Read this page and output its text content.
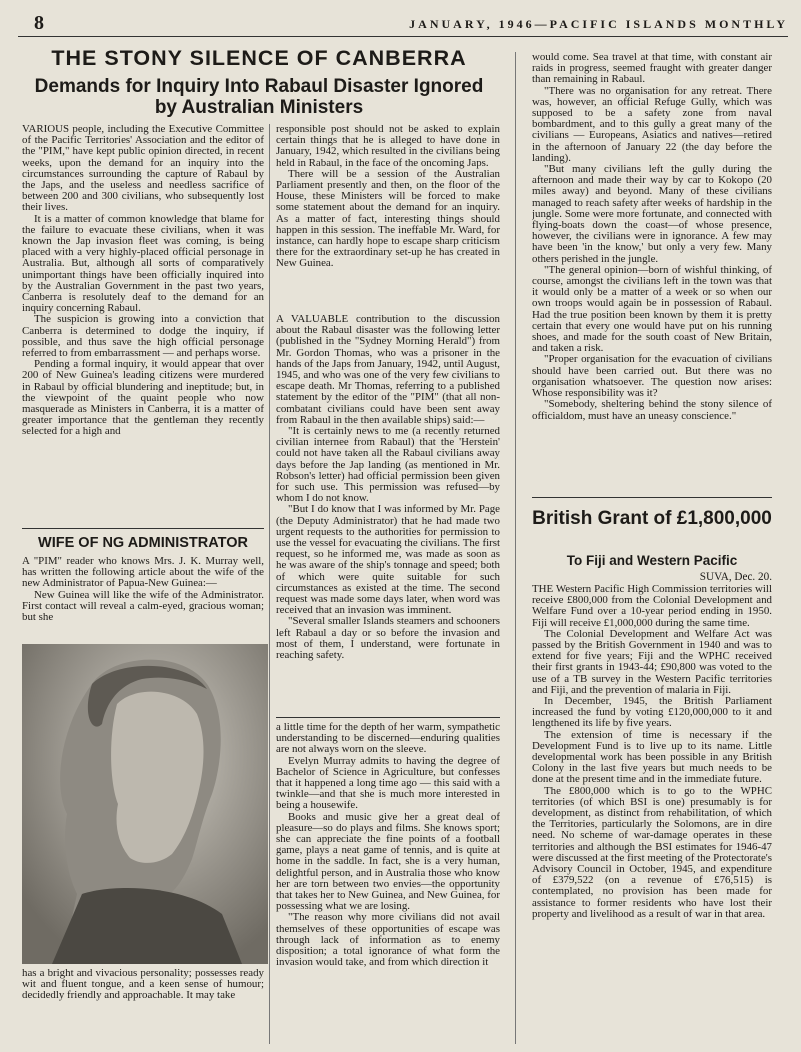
8	JANUARY, 1946—PACIFIC ISLANDS MONTHLY
THE STONY SILENCE OF CANBERRA
Demands for Inquiry Into Rabaul Disaster Ignored by Australian Ministers

VARIOUS people, including the Executive Committee of the Pacific Territories' Association and the editor of the "PIM," have kept public opinion directed, in recent weeks, upon the demand for an inquiry into the circumstances surrounding the capture of Rabaul by the Japs, and the useless and needless sacrifice of between 200 and 300 civilians, who subsequently lost their lives.

It is a matter of common knowledge that blame for the failure to evacuate these civilians, when it was known the Jap invasion fleet was coming, is being placed with a very highly-placed official personage in Australia. But, although all sorts of comparatively unimportant things have been officially inquired into by the Australian Government in the past two years, Canberra is resolutely deaf to the demand for an inquiry concerning Rabaul.

The suspicion is growing into a conviction that Canberra is determined to dodge the inquiry, if possible, and thus save the high official personage referred to from embarrassment — and perhaps worse.

Pending a formal inquiry, it would appear that over 200 of New Guinea's leading citizens were murdered in Rabaul by official blundering and ineptitude; but, in the viewpoint of the quaint people who now masquerade as Ministers in Canberra, it is a matter of greater importance that the gentleman they recently selected for a high and

WIFE OF NG ADMINISTRATOR

A "PIM" reader who knows Mrs. J. K. Murray well, has written the following article about the wife of the new Administrator of Papua-New Guinea:—

New Guinea will like the wife of the Administrator. First contact will reveal a calm-eyed, gracious woman; but she

has a bright and vivacious personality; possesses ready wit and fluent tongue, and a keen sense of humour; decidedly friendly and approachable. It may take

responsible post should not be asked to explain certain things that he is alleged to have done in January, 1942, which resulted in the civilians being held in Rabaul, in the face of the oncoming Japs.

There will be a session of the Australian Parliament presently and then, on the floor of the House, these Ministers will be forced to make some statement about the demand for an inquiry. As a matter of fact, interesting things should happen in this session. The ineffable Mr. Ward, for instance, can hardly hope to escape sharp criticism there for the extraordinary set-up he has created in New Guinea.

A VALUABLE contribution to the discussion about the Rabaul disaster was the following letter (published in the "Sydney Morning Herald") from Mr. Gordon Thomas, who was a prisoner in the hands of the Japs from January, 1942, until August, 1945, and who was one of the very few civilians to escape death. Mr Thomas, referring to a published statement by the editor of the "PIM" (that all non-combatant civilians could have been sent away from Rabaul in the then available ships) said:—

"It is certainly news to me (a recently returned civilian internee from Rabaul) that the 'Herstein' could not have taken all the Rabaul civilians away days before the Jap landing (as mentioned in Mr. Robson's letter) had official permission been given for such use. This permission was refused—by whom I do not know.

"But I do know that I was informed by Mr. Page (the Deputy Administrator) that he had made two urgent requests to the authorities for permission to use the vessel for evacuating the civilians. The first request, so he informed me, was made as soon as he was aware of the ship's tonnage and speed; both of which were quite suitable for such circumstances as existed at the time. The second request was made some days later, when word was received that an invasion was imminent.

"Several smaller Islands steamers and schooners left Rabaul a day or so before the invasion and most of them, I understand, were fortunate in reaching safety.

a little time for the depth of her warm, sympathetic understanding to be discerned—enduring qualities are not always worn on the sleeve.

Evelyn Murray admits to having the degree of Bachelor of Science in Agriculture, but confesses that it happened a long time ago — this said with a twinkle—and that she is much more interested in being a housewife.

Books and music give her a great deal of pleasure—so do plays and films. She knows sport; she can appreciate the fine points of a football game, plays a neat game of tennis, and is quite at home in the saddle. In fact, she is a very human, delightful person, and in Australia those who know her are torn between two envies—the opportunity that takes her to New Guinea, and New Guinea, for possessing what we are losing.

"The reason why more civilians did not avail themselves of these opportunities of escape was through lack of information as to enemy disposition; a total ignorance of what form the invasion would take, and from which direction it

would come. Sea travel at that time, with constant air raids in progress, seemed fraught with greater danger than remaining in Rabaul.

"There was no organisation for any retreat. There was, however, an official Refuge Gully, which was supposed to be a safety zone from naval bombardment, and to this gully a great many of the civilians — Europeans, Asiatics and natives—retired in the afternoon of January 22 (the day before the landing).

"But many civilians left the gully during the afternoon and made their way by car to Kokopo (20 miles away) and beyond. Many of these civilians managed to reach safety after weeks of hardship in the jungle. Some were more fortunate, and connected with flying-boats down the coast—of whose presence, however, the civilians were in ignorance. A few may have been 'in the know,' but only a very few. Many others perished in the jungle.

"The general opinion—born of wishful thinking, of course, amongst the civilians left in the town was that it would only be a matter of a week or so when our own troops would again be in possession of Rabaul. Had the true position been known by them it is pretty certain that every one would have put on his running shoes, and made for the south coast of New Britain, and taken a risk.

"Proper organisation for the evacuation of civilians should have been carried out. But there was no organisation whatsoever. The question now arises: Whose responsibility was it?

"Somebody, sheltering behind the stony silence of officialdom, must have an uneasy conscience."

British Grant of £1,800,000
To Fiji and Western Pacific
SUVA, Dec. 20.

THE Western Pacific High Commission territories will receive £800,000 from the Colonial Development and Welfare Fund over a 10-year period ending in 1950. Fiji will receive £1,000,000 during the same time.

The Colonial Development and Welfare Act was passed by the British Government in 1940 and was to extend for five years; Fiji and the WPHC received their first grants in 1943-44; £90,800 was voted to the use of a TB survey in the Western Pacific territories and Fiji, and the prevention of malaria in Fiji.

In December, 1945, the British Parliament increased the fund by voting £120,000,000 to it and lengthened its life by five years.

The extension of time is necessary if the Development Fund is to live up to its name. Little developmental work has been possible in any British Colony in the last five years but much needs to be done at the present time and in the immediate future.

The £800,000 which is to go to the WPHC territories (of which BSI is one) presumably is for development, as distinct from rehabilitation, of which the Territories, particularly the Solomons, are in dire need. No scheme of war-damage operates in these territories and although the BSI estimates for 1946-47 were discussed at the first meeting of the Protectorate's Advisory Council in October, 1945, and expenditure of £379,522 (on a revenue of £76,515) is contemplated, no provision has been made for assistance to former residents who have lost their property and livelihood as a result of war in that area.
